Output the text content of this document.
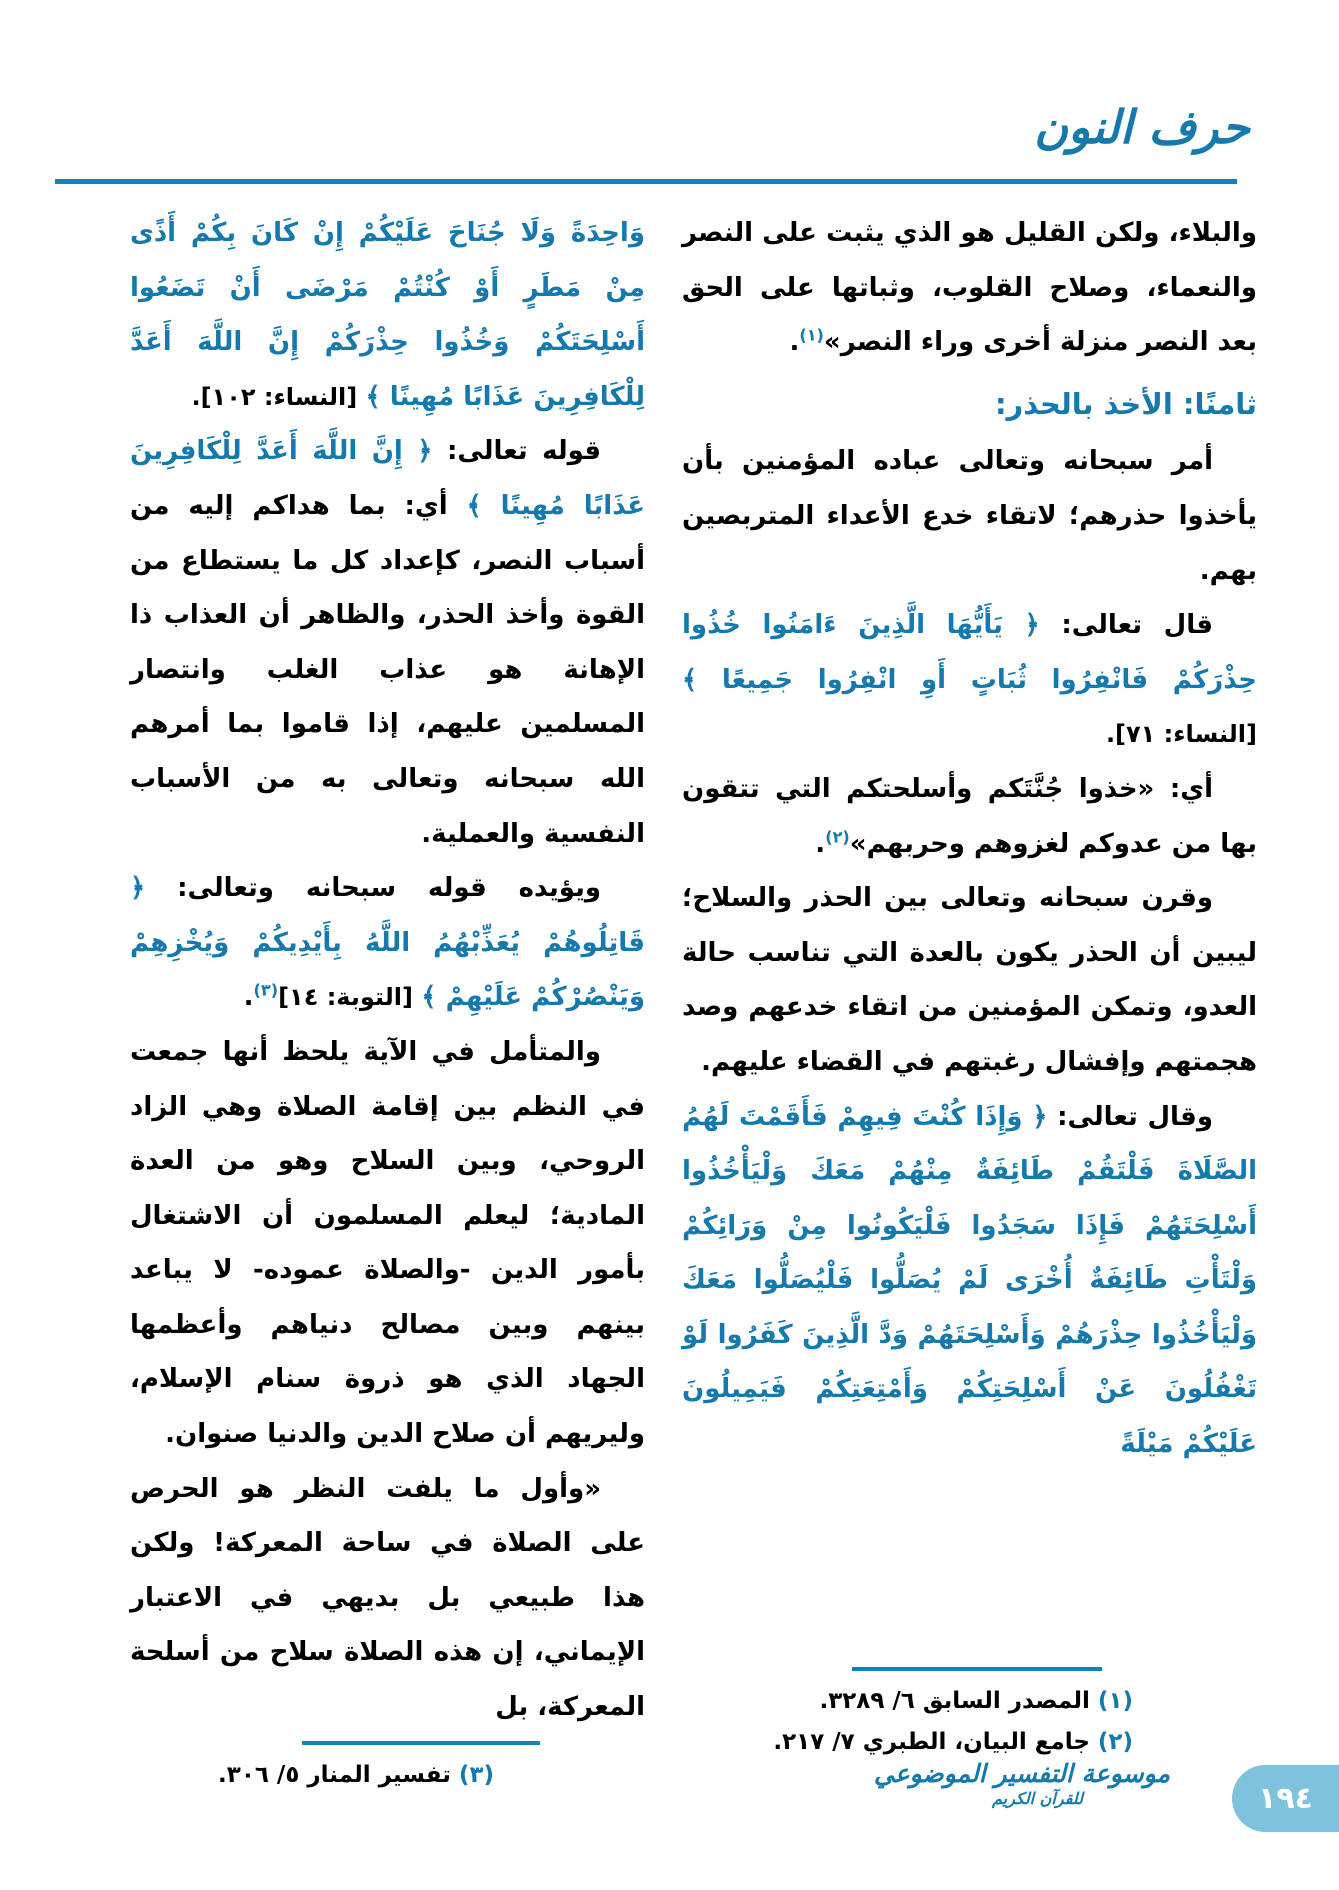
حرف النون

والبلاء، ولكن القليل هو الذي يثبت على النصر والنعماء، وصلاح القلوب، وثباتها على الحق بعد النصر منزلة أخرى وراء النصر»$^{(١)}$.

ثامنًا: الأخذ بالحذر:

أمر سبحانه وتعالى عباده المؤمنين بأن يأخذوا حذرهم؛ لاتقاء خدع الأعداء المتربصين بهم.

قال تعالى: ﴿ يَأَيُّهَا الَّذِينَ ءَامَنُوا خُذُوا حِذْرَكُمْ فَانْفِرُوا ثُبَاتٍ أَوِ انْفِرُوا جَمِيعًا ﴾ [النساء: ٧١].

أي: «خذوا جُنَّتَكم وأسلحتكم التي تتقون بها من عدوكم لغزوهم وحربهم»$^{(٢)}$.

وقرن سبحانه وتعالى بين الحذر والسلاح؛ ليبين أن الحذر يكون بالعدة التي تناسب حالة العدو، وتمكن المؤمنين من اتقاء خدعهم وصد هجمتهم وإفشال رغبتهم في القضاء عليهم.

وقال تعالى: ﴿ وَإِذَا كُنْتَ فِيهِمْ فَأَقَمْتَ لَهُمُ الصَّلَاةَ فَلْتَقُمْ طَائِفَةٌ مِنْهُمْ مَعَكَ وَلْيَأْخُذُوا أَسْلِحَتَهُمْ فَإِذَا سَجَدُوا فَلْيَكُونُوا مِنْ وَرَائِكُمْ وَلْتَأْتِ طَائِفَةٌ أُخْرَى لَمْ يُصَلُّوا فَلْيُصَلُّوا مَعَكَ وَلْيَأْخُذُوا حِذْرَهُمْ وَأَسْلِحَتَهُمْ وَدَّ الَّذِينَ كَفَرُوا لَوْ تَغْفُلُونَ عَنْ أَسْلِحَتِكُمْ وَأَمْتِعَتِكُمْ فَيَمِيلُونَ عَلَيْكُمْ مَيْلَةً

(١) المصدر السابق ٦/ ٣٢٨٩.
(٢) جامع البيان، الطبري ٧/ ٢١٧.

وَاحِدَةً وَلَا جُنَاحَ عَلَيْكُمْ إِنْ كَانَ بِكُمْ أَذًى مِنْ مَطَرٍ أَوْ كُنْتُمْ مَرْضَى أَنْ تَضَعُوا أَسْلِحَتَكُمْ وَخُذُوا حِذْرَكُمْ إِنَّ اللَّهَ أَعَدَّ لِلْكَافِرِينَ عَذَابًا مُهِينًا ﴾ [النساء: ١٠٢].

قوله تعالى: ﴿ إِنَّ اللَّهَ أَعَدَّ لِلْكَافِرِينَ عَذَابًا مُهِينًا ﴾ أي: بما هداكم إليه من أسباب النصر، كإعداد كل ما يستطاع من القوة وأخذ الحذر، والظاهر أن العذاب ذا الإهانة هو عذاب الغلب وانتصار المسلمين عليهم، إذا قاموا بما أمرهم الله سبحانه وتعالى به من الأسباب النفسية والعملية.

ويؤيده قوله سبحانه وتعالى: ﴿ قَاتِلُوهُمْ يُعَذِّبْهُمُ اللَّهُ بِأَيْدِيكُمْ وَيُخْزِهِمْ وَيَنْصُرْكُمْ عَلَيْهِمْ ﴾ [التوبة: ١٤]$^{(٣)}$.

والمتأمل في الآية يلحظ أنها جمعت في النظم بين إقامة الصلاة وهي الزاد الروحي، وبين السلاح وهو من العدة المادية؛ ليعلم المسلمون أن الاشتغال بأمور الدين -والصلاة عموده- لا يباعد بينهم وبين مصالح دنياهم وأعظمها الجهاد الذي هو ذروة سنام الإسلام، وليريهم أن صلاح الدين والدنيا صنوان.

«وأول ما يلفت النظر هو الحرص على الصلاة في ساحة المعركة! ولكن هذا طبيعي بل بديهي في الاعتبار الإيماني، إن هذه الصلاة سلاح من أسلحة المعركة، بل

(٣) تفسير المنار ٥/ ٣٠٦.	موسوعة التفسير الموضوعي
للقرآن الكريم	١٩٤
